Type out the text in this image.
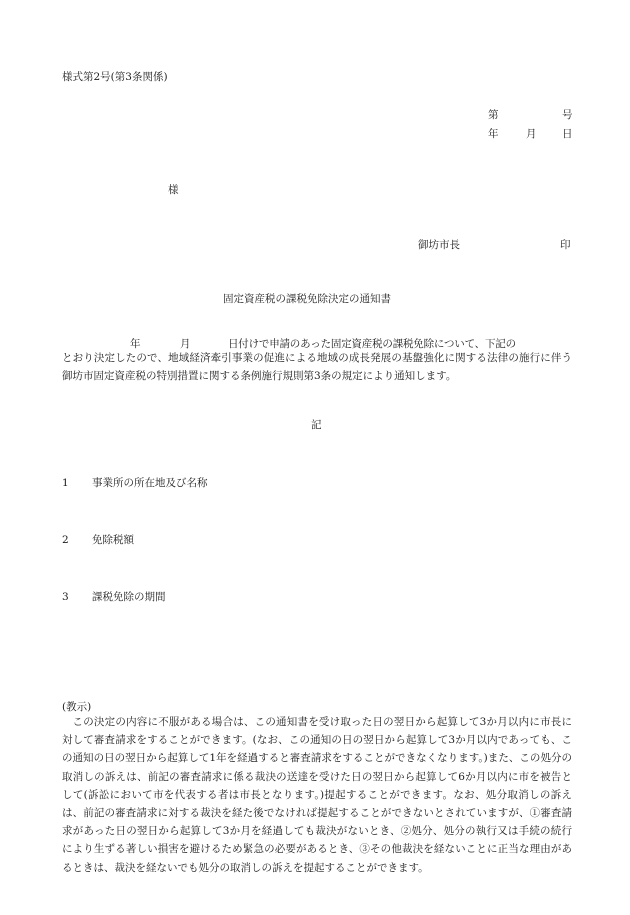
様式第2号(第3条関係)
第	号
年	月 日
様
御坊市長	印
固定資産税の課税免除決定の通知書
年	月	日付けで申請のあった固定資産税の課税免除について、下記の
とおり決定したので、地域経済牽引事業の促進による地域の成長発展の基盤強化に関する法律の施行に伴う御坊市固定資産税の特別措置に関する条例施行規則第3条の規定により通知します。
記
1 事業所の所在地及び名称
2 免除税額
3 課税免除の期間
(教示)
この決定の内容に不服がある場合は、この通知書を受け取った日の翌日から起算して3か月以内に市長に対して審査請求をすることができます。(なお、この通知の日の翌日から起算して3か月以内であっても、この通知の日の翌日から起算して1年を経過すると審査請求をすることができなくなります。)また、この処分の取消しの訴えは、前記の審査請求に係る裁決の送達を受けた日の翌日から起算して6か月以内に市を被告として(訴訟において市を代表する者は市長となります。)提起することができます。なお、処分取消しの訴えは、前記の審査請求に対する裁決を経た後でなければ提起することができないとされていますが、①審査請求があった日の翌日から起算して3か月を経過しても裁決がないとき、②処分、処分の執行又は手続の続行により生ずる著しい損害を避けるため緊急の必要があるとき、③その他裁決を経ないことに正当な理由があるときは、裁決を経ないでも処分の取消しの訴えを提起することができます。
